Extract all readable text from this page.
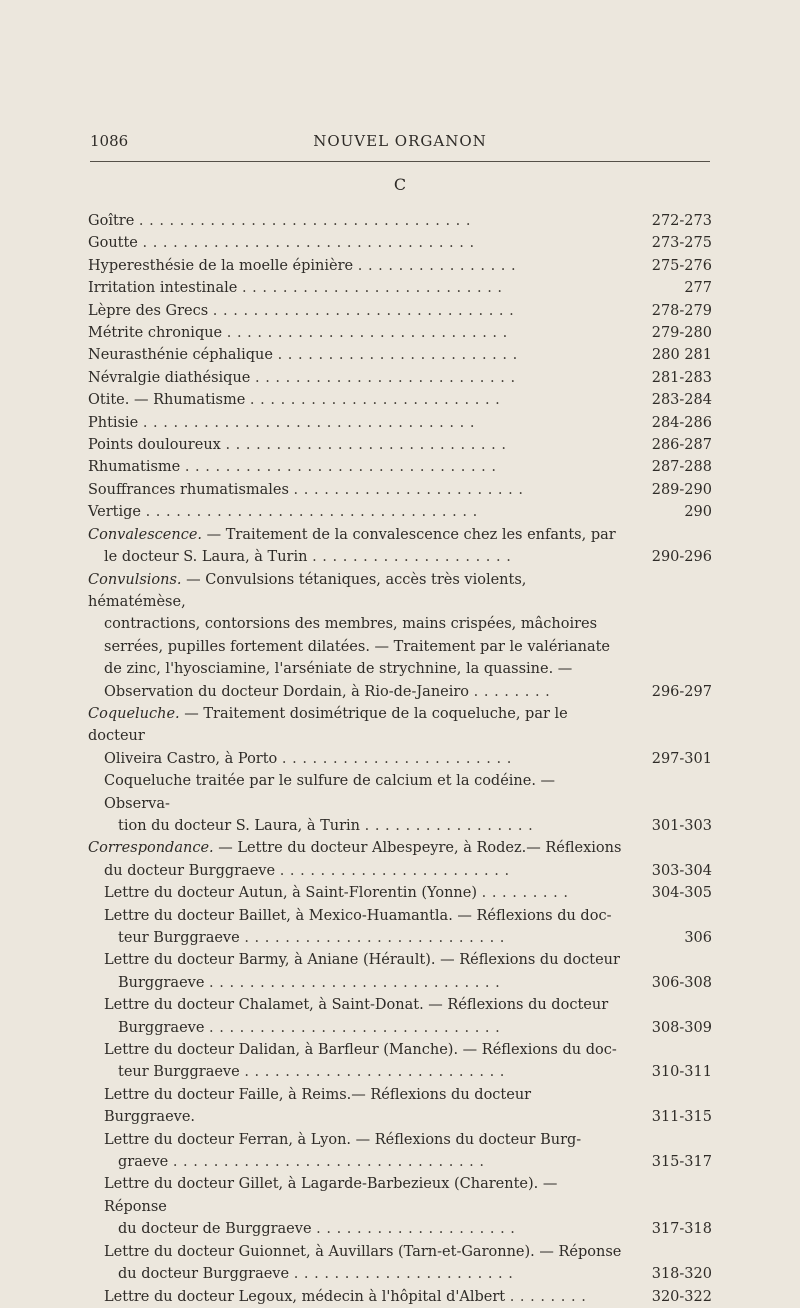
1086	NOUVEL ORGANON
C
Goître . . . . . . . . . . . . . . . . . . . . . . . . . . . . . . . . .	272-273
Goutte . . . . . . . . . . . . . . . . . . . . . . . . . . . . . . . . .	273-275
Hyperesthésie de la moelle épinière . . . . . . . . . . . . . . . .	275-276
Irritation intestinale . . . . . . . . . . . . . . . . . . . . . . . . . .	277
Lèpre des Grecs . . . . . . . . . . . . . . . . . . . . . . . . . . . . . .	278-279
Métrite chronique . . . . . . . . . . . . . . . . . . . . . . . . . . . .	279-280
Neurasthénie céphalique . . . . . . . . . . . . . . . . . . . . . . . .	280 281
Névralgie diathésique . . . . . . . . . . . . . . . . . . . . . . . . . .	281-283
Otite. — Rhumatisme . . . . . . . . . . . . . . . . . . . . . . . . .	283-284
Phtisie . . . . . . . . . . . . . . . . . . . . . . . . . . . . . . . . .	284-286
Points douloureux . . . . . . . . . . . . . . . . . . . . . . . . . . . .	286-287
Rhumatisme . . . . . . . . . . . . . . . . . . . . . . . . . . . . . . .	287-288
Souffrances rhumatismales . . . . . . . . . . . . . . . . . . . . . . .	289-290
Vertige . . . . . . . . . . . . . . . . . . . . . . . . . . . . . . . . .	290
Convalescence. — Traitement de la convalescence chez les enfants, par
le docteur S. Laura, à Turin . . . . . . . . . . . . . . . . . . . .	290-296
Convulsions. — Convulsions tétaniques, accès très violents, hématémèse,
contractions, contorsions des membres, mains crispées, mâchoires
serrées, pupilles fortement dilatées. — Traitement par le valérianate
de zinc, l'hyosciamine, l'arséniate de strychnine, la quassine. —
Observation du docteur Dordain, à Rio-de-Janeiro . . . . . . . .	296-297
Coqueluche. — Traitement dosimétrique de la coqueluche, par le docteur
Oliveira Castro, à Porto . . . . . . . . . . . . . . . . . . . . . . .	297-301
Coqueluche traitée par le sulfure de calcium et la codéine. — Observa-
tion du docteur S. Laura, à Turin . . . . . . . . . . . . . . . . .	301-303
Correspondance. — Lettre du docteur Albespeyre, à Rodez.— Réflexions
du docteur Burggraeve . . . . . . . . . . . . . . . . . . . . . . .	303-304
Lettre du docteur Autun, à Saint-Florentin (Yonne) . . . . . . . . .	304-305
Lettre du docteur Baillet, à Mexico-Huamantla. — Réflexions du doc-
teur Burggraeve . . . . . . . . . . . . . . . . . . . . . . . . . .	306
Lettre du docteur Barmy, à Aniane (Hérault). — Réflexions du docteur
Burggraeve . . . . . . . . . . . . . . . . . . . . . . . . . . . . .	306-308
Lettre du docteur Chalamet, à Saint-Donat. — Réflexions du docteur
Burggraeve . . . . . . . . . . . . . . . . . . . . . . . . . . . . .	308-309
Lettre du docteur Dalidan, à Barfleur (Manche). — Réflexions du doc-
teur Burggraeve . . . . . . . . . . . . . . . . . . . . . . . . . .	310-311
Lettre du docteur Faille, à Reims.— Réflexions du docteur Burggraeve.	311-315
Lettre du docteur Ferran, à Lyon. — Réflexions du docteur Burg-
graeve . . . . . . . . . . . . . . . . . . . . . . . . . . . . . . .	315-317
Lettre du docteur Gillet, à Lagarde-Barbezieux (Charente). — Réponse
du docteur de Burggraeve . . . . . . . . . . . . . . . . . . . .	317-318
Lettre du docteur Guionnet, à Auvillars (Tarn-et-Garonne). — Réponse
du docteur Burggraeve . . . . . . . . . . . . . . . . . . . . . .	318-320
Lettre du docteur Legoux, médecin à l'hôpital d'Albert . . . . . . . .	320-322
